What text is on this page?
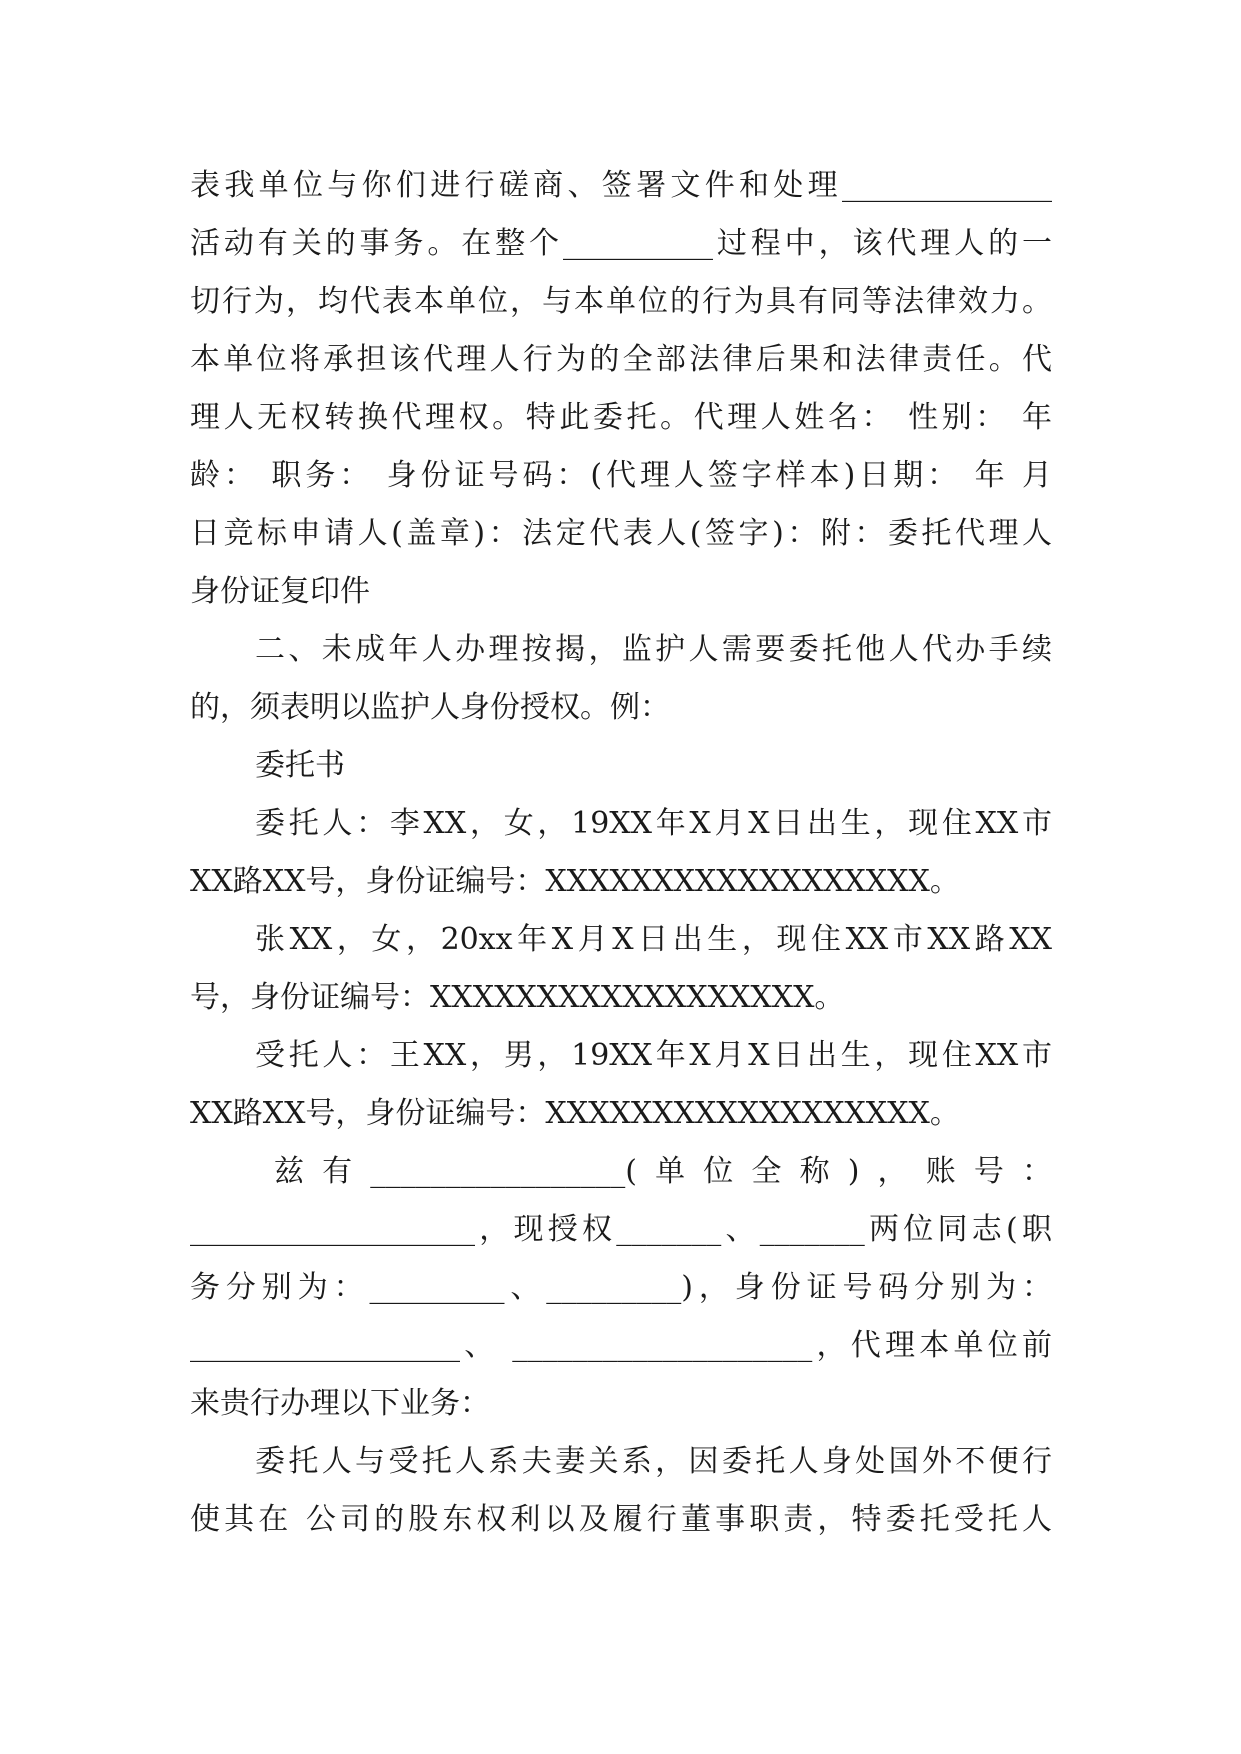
表我单位与你们进行磋商、签署文件和处理______________
活动有关的事务。在整个__________过程中，该代理人的一
切行为，均代表本单位，与本单位的行为具有同等法律效力。
本单位将承担该代理人行为的全部法律后果和法律责任。代
理人无权转换代理权。特此委托。代理人姓名： 性别： 年
龄： 职务： 身份证号码：(代理人签字样本)日期： 年 月
日竞标申请人(盖章)：法定代表人(签字)：附：委托代理人
身份证复印件
二、未成年人办理按揭，监护人需要委托他人代办手续
的，须表明以监护人身份授权。例：
委托书
委托人：李XX，女，19XX年X月X日出生，现住XX市
XX路XX号，身份证编号：XXXXXXXXXXXXXXXXXX。
张XX，女，20xx年X月X日出生，现住XX市XX路XX
号，身份证编号：XXXXXXXXXXXXXXXXXX。
受托人：王XX，男，19XX年X月X日出生，现住XX市
XX路XX号，身份证编号：XXXXXXXXXXXXXXXXXX。
兹有_________________(单位全称)，账号：
___________________，现授权_______、_______两位同志(职
务分别为：_________、_________)，身份证号码分别为：
__________________、 ____________________，代理本单位前
来贵行办理以下业务：
委托人与受托人系夫妻关系，因委托人身处国外不便行
使其在 公司的股东权利以及履行董事职责，特委托受托人
